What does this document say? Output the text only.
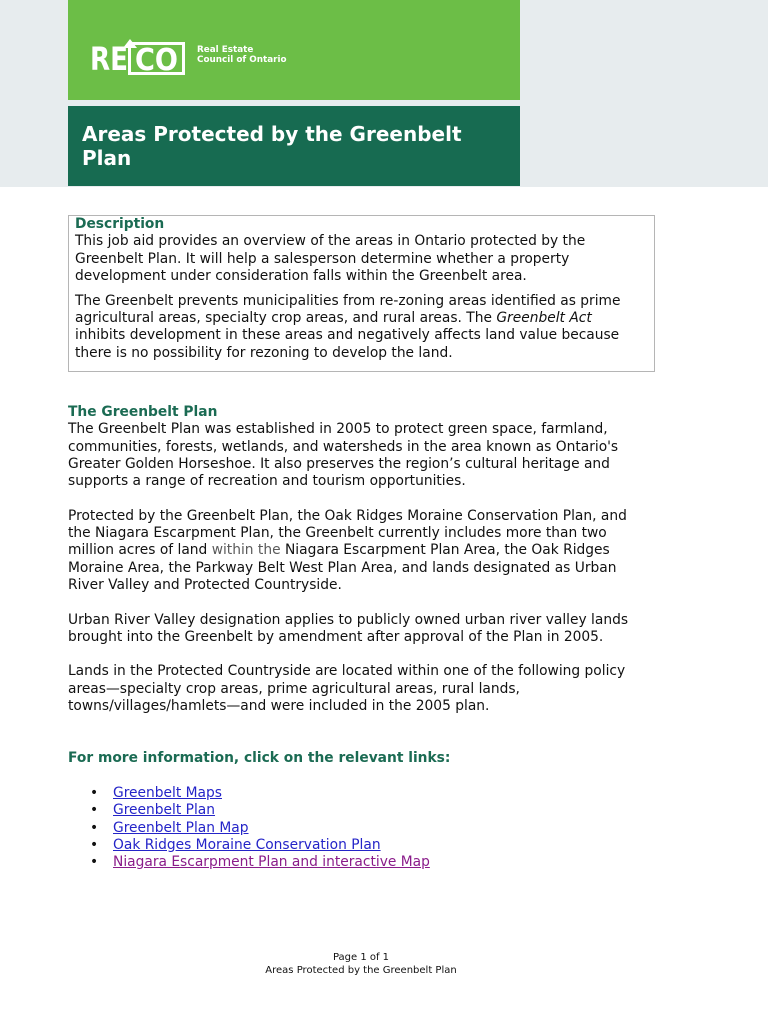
RE CO Real Estate
Council of Ontario
Areas Protected by the Greenbelt Plan
Description
This job aid provides an overview of the areas in Ontario protected by the
Greenbelt Plan. It will help a salesperson determine whether a property
development under consideration falls within the Greenbelt area.
The Greenbelt prevents municipalities from re-zoning areas identified as prime
agricultural areas, specialty crop areas, and rural areas. The Greenbelt Act
inhibits development in these areas and negatively affects land value because
there is no possibility for rezoning to develop the land.
The Greenbelt Plan
The Greenbelt Plan was established in 2005 to protect green space, farmland,
communities, forests, wetlands, and watersheds in the area known as Ontario's
Greater Golden Horseshoe. It also preserves the region’s cultural heritage and
supports a range of recreation and tourism opportunities.
Protected by the Greenbelt Plan, the Oak Ridges Moraine Conservation Plan, and
the Niagara Escarpment Plan, the Greenbelt currently includes more than two
million acres of land within the Niagara Escarpment Plan Area, the Oak Ridges
Moraine Area, the Parkway Belt West Plan Area, and lands designated as Urban
River Valley and Protected Countryside.
Urban River Valley designation applies to publicly owned urban river valley lands
brought into the Greenbelt by amendment after approval of the Plan in 2005.
Lands in the Protected Countryside are located within one of the following policy
areas—specialty crop areas, prime agricultural areas, rural lands,
towns/villages/hamlets—and were included in the 2005 plan.
For more information, click on the relevant links:
• Greenbelt Maps
• Greenbelt Plan
• Greenbelt Plan Map
• Oak Ridges Moraine Conservation Plan
• Niagara Escarpment Plan and interactive Map
Page 1 of 1
Areas Protected by the Greenbelt Plan
